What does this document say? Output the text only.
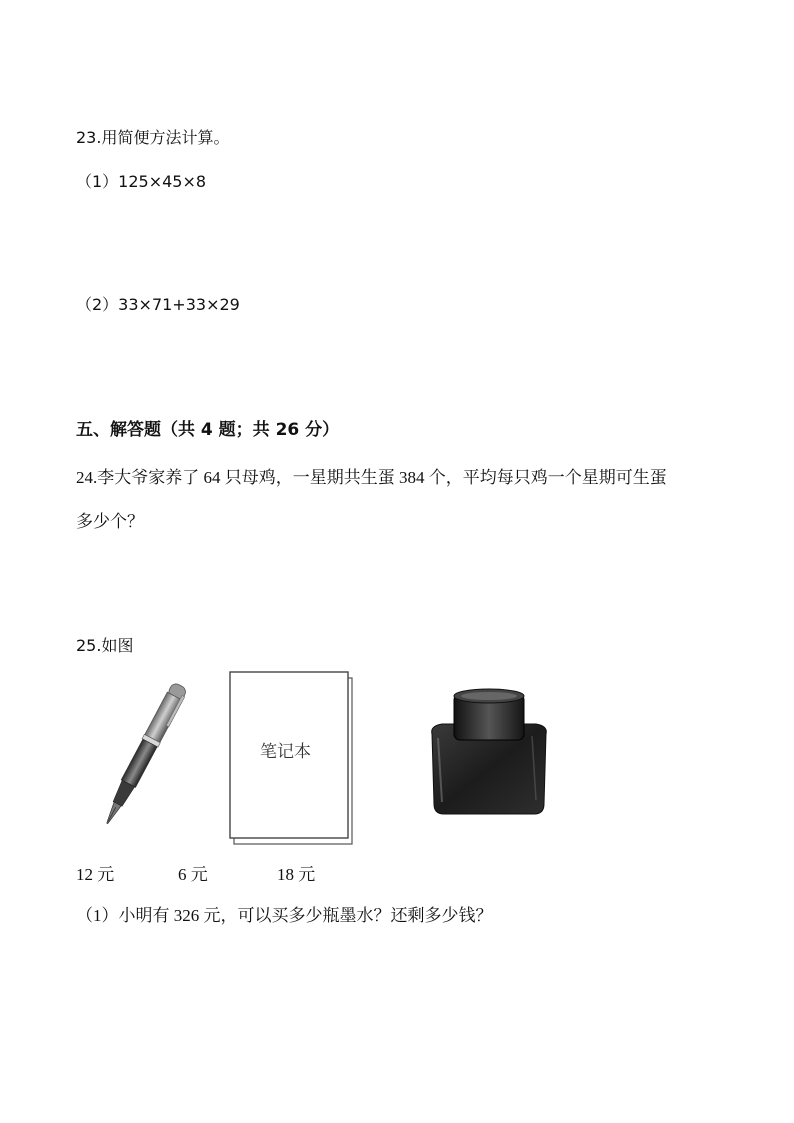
23.用简便方法计算。
（1）125×45×8
（2）33×71+33×29
五、解答题（共 4 题；共 26 分）
24.李大爷家养了 64 只母鸡，一星期共生蛋 384 个，平均每只鸡一个星期可生蛋
多少个？
25.如图
笔记本
12 元	6 元	18 元
（1）小明有 326 元，可以买多少瓶墨水？还剩多少钱？
